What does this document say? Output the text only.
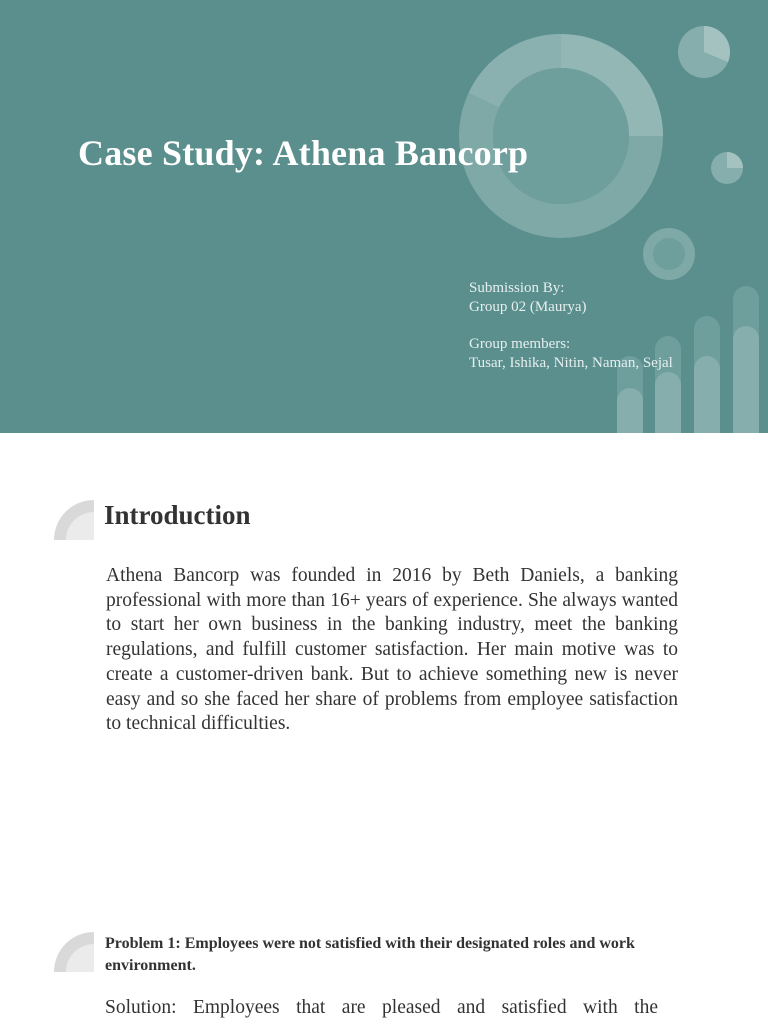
Case Study: Athena Bancorp
Submission By:
Group 02 (Maurya)
Group members:
Tusar, Ishika, Nitin, Naman, Sejal
Introduction

Athena Bancorp was founded in 2016 by Beth Daniels, a banking professional with more than 16+ years of experience. She always wanted to start her own business in the banking industry, meet the banking regulations, and fulfill customer satisfaction. Her main motive was to create a customer-driven bank. But to achieve something new is never easy and so she faced her share of problems from employee satisfaction to technical difficulties.

Problem 1: Employees were not satisfied with their designated roles and work environment.

Solution: Employees that are pleased and satisfied with the
